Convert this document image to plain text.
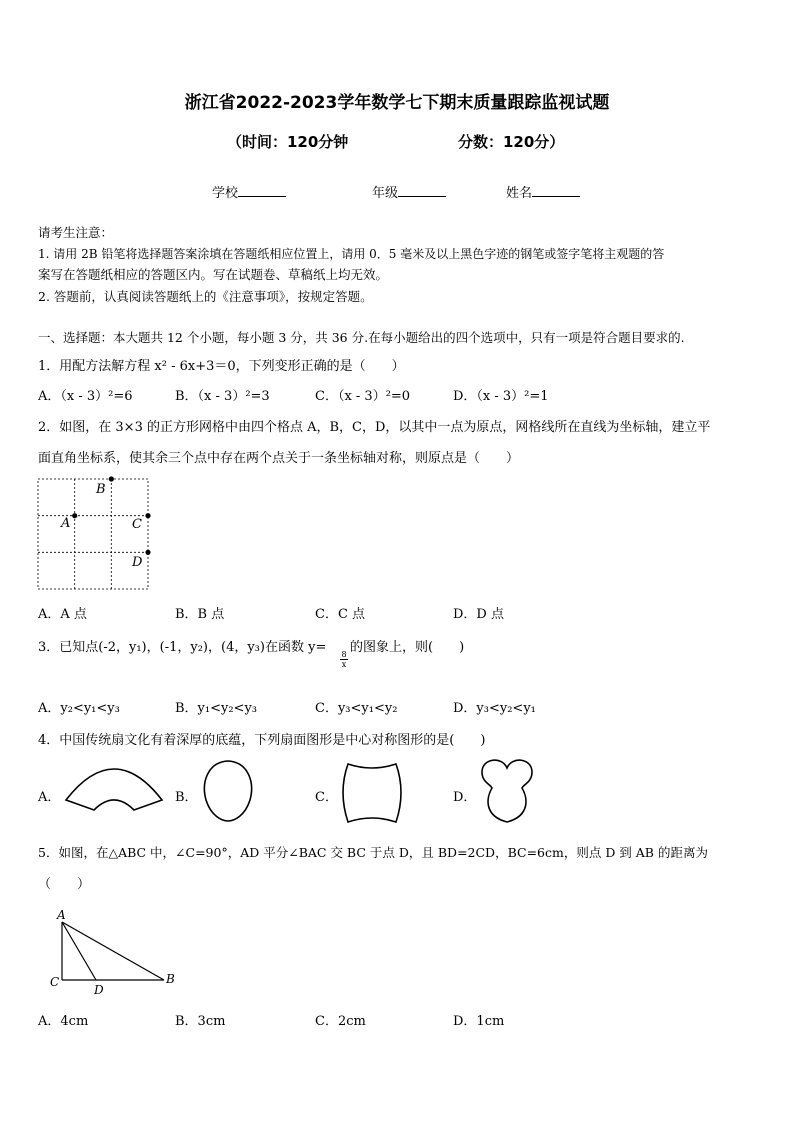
浙江省2022-2023学年数学七下期末质量跟踪监视试题
（时间：120分钟	分数：120分）
学校	年级	姓名
请考生注意：
1. 请用 2B 铅笔将选择题答案涂填在答题纸相应位置上，请用 0．5 毫米及以上黑色字迹的钢笔或签字笔将主观题的答
案写在答题纸相应的答题区内。写在试题卷、草稿纸上均无效。
2. 答题前，认真阅读答题纸上的《注意事项》，按规定答题。
一、选择题：本大题共 12 个小题，每小题 3 分，共 36 分.在每小题给出的四个选项中，只有一项是符合题目要求的.
1．用配方法解方程 x² - 6x+3＝0，下列变形正确的是（　　）
A．（x - 3）²=6	B．（x - 3）²=3	C．（x - 3）²=0	D．（x - 3）²=1
2．如图，在 3×3 的正方形网格中由四个格点 A，B，C，D，以其中一点为原点，网格线所在直线为坐标轴，建立平
面直角坐标系，使其余三个点中存在两个点关于一条坐标轴对称，则原点是（　　）
B
A	C
D
A．A 点	B．B 点	C．C 点	D．D 点
3．已知点(-2，y₁)，(-1，y₂)，(4，y₃)在函数 y=
$\frac{8}{x}$
的图象上，则(　　)
A．y₂<y₁<y₃	B．y₁<y₂<y₃	C．y₃<y₁<y₂	D．y₃<y₂<y₁
4．中国传统扇文化有着深厚的底蕴，下列扇面图形是中心对称图形的是(　　)
A．	B．	C．	D．
5．如图，在△ABC 中，∠C=90°，AD 平分∠BAC 交 BC 于点 D，且 BD=2CD，BC=6cm，则点 D 到 AB 的距离为
（　　）
A
B
C
D
A．4cm	B．3cm	C．2cm	D．1cm
